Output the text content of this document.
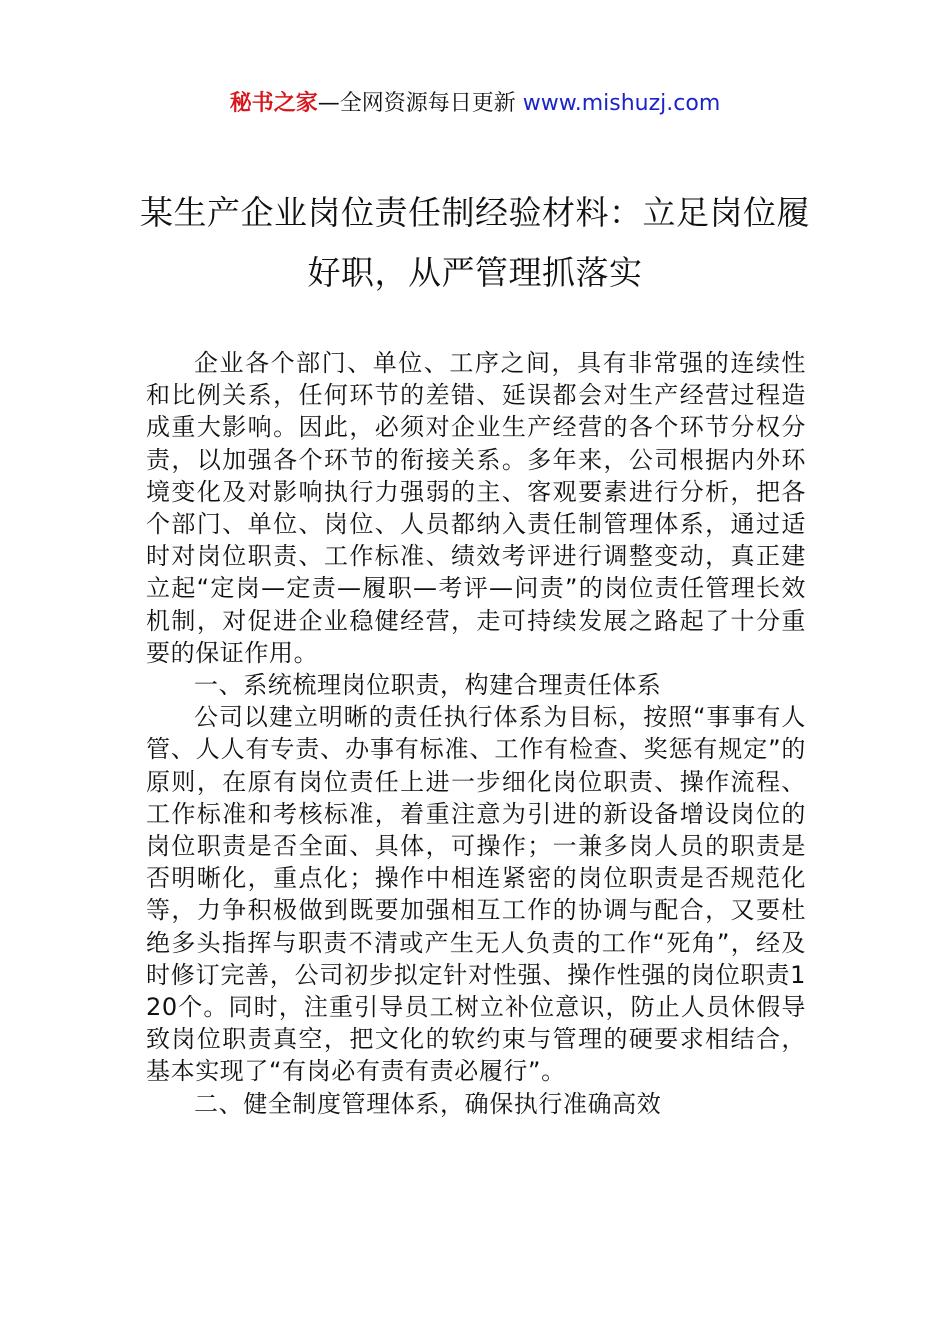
秘书之家—全网资源每日更新 www.mishuzj.com
某生产企业岗位责任制经验材料：立足岗位履好职，从严管理抓落实

企业各个部门、单位、工序之间，具有非常强的连续性和比例关系，任何环节的差错、延误都会对生产经营过程造成重大影响。因此，必须对企业生产经营的各个环节分权分责，以加强各个环节的衔接关系。多年来，公司根据内外环境变化及对影响执行力强弱的主、客观要素进行分析，把各个部门、单位、岗位、人员都纳入责任制管理体系，通过适时对岗位职责、工作标准、绩效考评进行调整变动，真正建立起“定岗—定责—履职—考评—问责”的岗位责任管理长效机制，对促进企业稳健经营，走可持续发展之路起了十分重要的保证作用。

一、系统梳理岗位职责，构建合理责任体系

公司以建立明晰的责任执行体系为目标，按照“事事有人管、人人有专责、办事有标准、工作有检查、奖惩有规定”的原则，在原有岗位责任上进一步细化岗位职责、操作流程、工作标准和考核标准，着重注意为引进的新设备增设岗位的岗位职责是否全面、具体，可操作；一兼多岗人员的职责是否明晰化，重点化；操作中相连紧密的岗位职责是否规范化等，力争积极做到既要加强相互工作的协调与配合，又要杜绝多头指挥与职责不清或产生无人负责的工作“死角”，经及时修订完善，公司初步拟定针对性强、操作性强的岗位职责120个。同时，注重引导员工树立补位意识，防止人员休假导致岗位职责真空，把文化的软约束与管理的硬要求相结合，基本实现了“有岗必有责有责必履行”。

二、健全制度管理体系，确保执行准确高效
